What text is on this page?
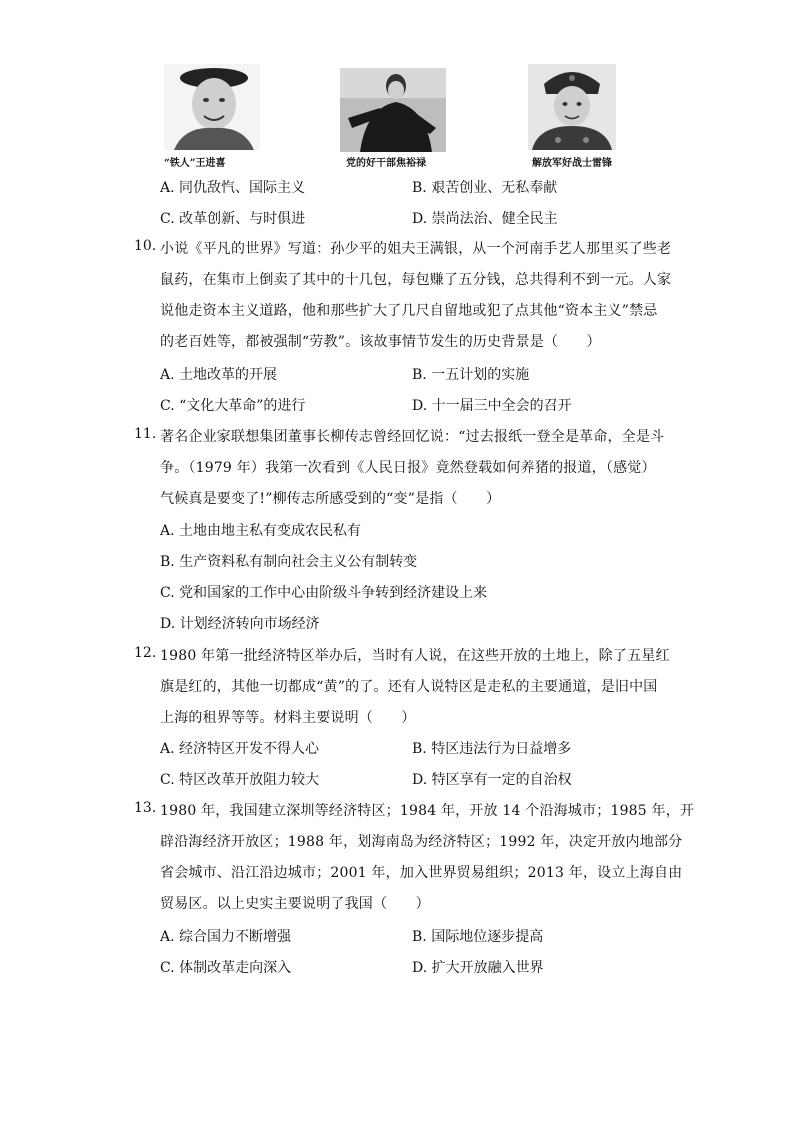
“铁人”王进喜	党的好干部焦裕禄	解放军好战士雷锋
A. 同仇敌忾、国际主义	B. 艰苦创业、无私奉献
C. 改革创新、与时俱进	D. 崇尚法治、健全民主
10. 小说《平凡的世界》写道：孙少平的姐夫王满银，从一个河南手艺人那里买了些老
鼠药，在集市上倒卖了其中的十几包，每包赚了五分钱，总共得利不到一元。人家
说他走资本主义道路，他和那些扩大了几尺自留地或犯了点其他“资本主义”禁忌
的老百姓等，都被强制“劳教”。该故事情节发生的历史背景是（　　）
A. 土地改革的开展	B. 一五计划的实施
C. “文化大革命”的进行	D. 十一届三中全会的召开
11. 著名企业家联想集团董事长柳传志曾经回忆说：“过去报纸一登全是革命，全是斗
争。（1979 年）我第一次看到《人民日报》竟然登载如何养猪的报道，（感觉）
气候真是要变了!”柳传志所感受到的“变”是指（　　）
A. 土地由地主私有变成农民私有
B. 生产资料私有制向社会主义公有制转变
C. 党和国家的工作中心由阶级斗争转到经济建设上来
D. 计划经济转向市场经济
12. 1980 年第一批经济特区举办后，当时有人说，在这些开放的土地上，除了五星红
旗是红的，其他一切都成“黄”的了。还有人说特区是走私的主要通道，是旧中国
上海的租界等等。材料主要说明（　　）
A. 经济特区开发不得人心	B. 特区违法行为日益增多
C. 特区改革开放阻力较大	D. 特区享有一定的自治权
13. 1980 年，我国建立深圳等经济特区；1984 年，开放 14 个沿海城市；1985 年，开
辟沿海经济开放区；1988 年，划海南岛为经济特区；1992 年，决定开放内地部分
省会城市、沿江沿边城市；2001 年，加入世界贸易组织；2013 年，设立上海自由
贸易区。以上史实主要说明了我国（　　）
A. 综合国力不断增强	B. 国际地位逐步提高
C. 体制改革走向深入	D. 扩大开放融入世界
